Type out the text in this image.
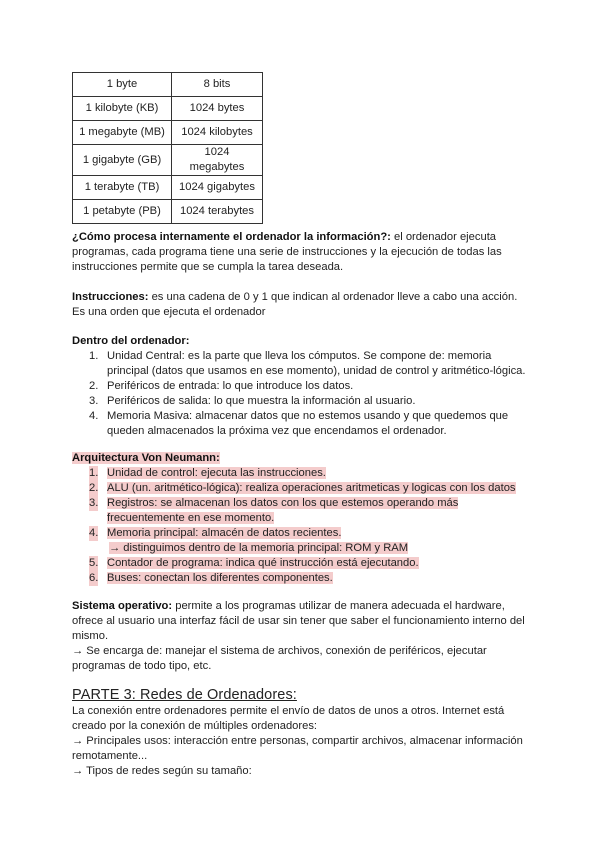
1 byte	8 bits
1 kilobyte (KB)	1024 bytes
1 megabyte (MB)	1024 kilobytes
1 gigabyte (GB)	1024 megabytes
1 terabyte (TB)	1024 gigabytes
1 petabyte (PB)	1024 terabytes

¿Cómo procesa internamente el ordenador la información?: el ordenador ejecuta programas, cada programa tiene una serie de instrucciones y la ejecución de todas las instrucciones permite que se cumpla la tarea deseada.

Instrucciones: es una cadena de 0 y 1 que indican al ordenador lleve a cabo una acción. Es una orden que ejecuta el ordenador

Dentro del ordenador:

1. Unidad Central: es la parte que lleva los cómputos. Se compone de: memoria principal (datos que usamos en ese momento), unidad de control y aritmético-lógica.
2. Periféricos de entrada: lo que introduce los datos.
3. Periféricos de salida: lo que muestra la información al usuario.
4. Memoria Masiva: almacenar datos que no estemos usando y que quedemos que queden almacenados la próxima vez que encendamos el ordenador.

Arquitectura Von Neumann:

1. Unidad de control: ejecuta las instrucciones.
2. ALU (un. aritmético-lógica): realiza operaciones aritmeticas y logicas con los datos
3. Registros: se almacenan los datos con los que estemos operando más frecuentemente en ese momento.
4. Memoria principal: almacén de datos recientes.
→ distinguimos dentro de la memoria principal: ROM y RAM
5. Contador de programa: indica qué instrucción está ejecutando.
6. Buses: conectan los diferentes componentes.

Sistema operativo: permite a los programas utilizar de manera adecuada el hardware, ofrece al usuario una interfaz fácil de usar sin tener que saber el funcionamiento interno del mismo.

→ Se encarga de: manejar el sistema de archivos, conexión de periféricos, ejecutar programas de todo tipo, etc.

PARTE 3: Redes de Ordenadores:

La conexión entre ordenadores permite el envío de datos de unos a otros. Internet está creado por la conexión de múltiples ordenadores:

→ Principales usos: interacción entre personas, compartir archivos, almacenar información remotamente...

→ Tipos de redes según su tamaño:
